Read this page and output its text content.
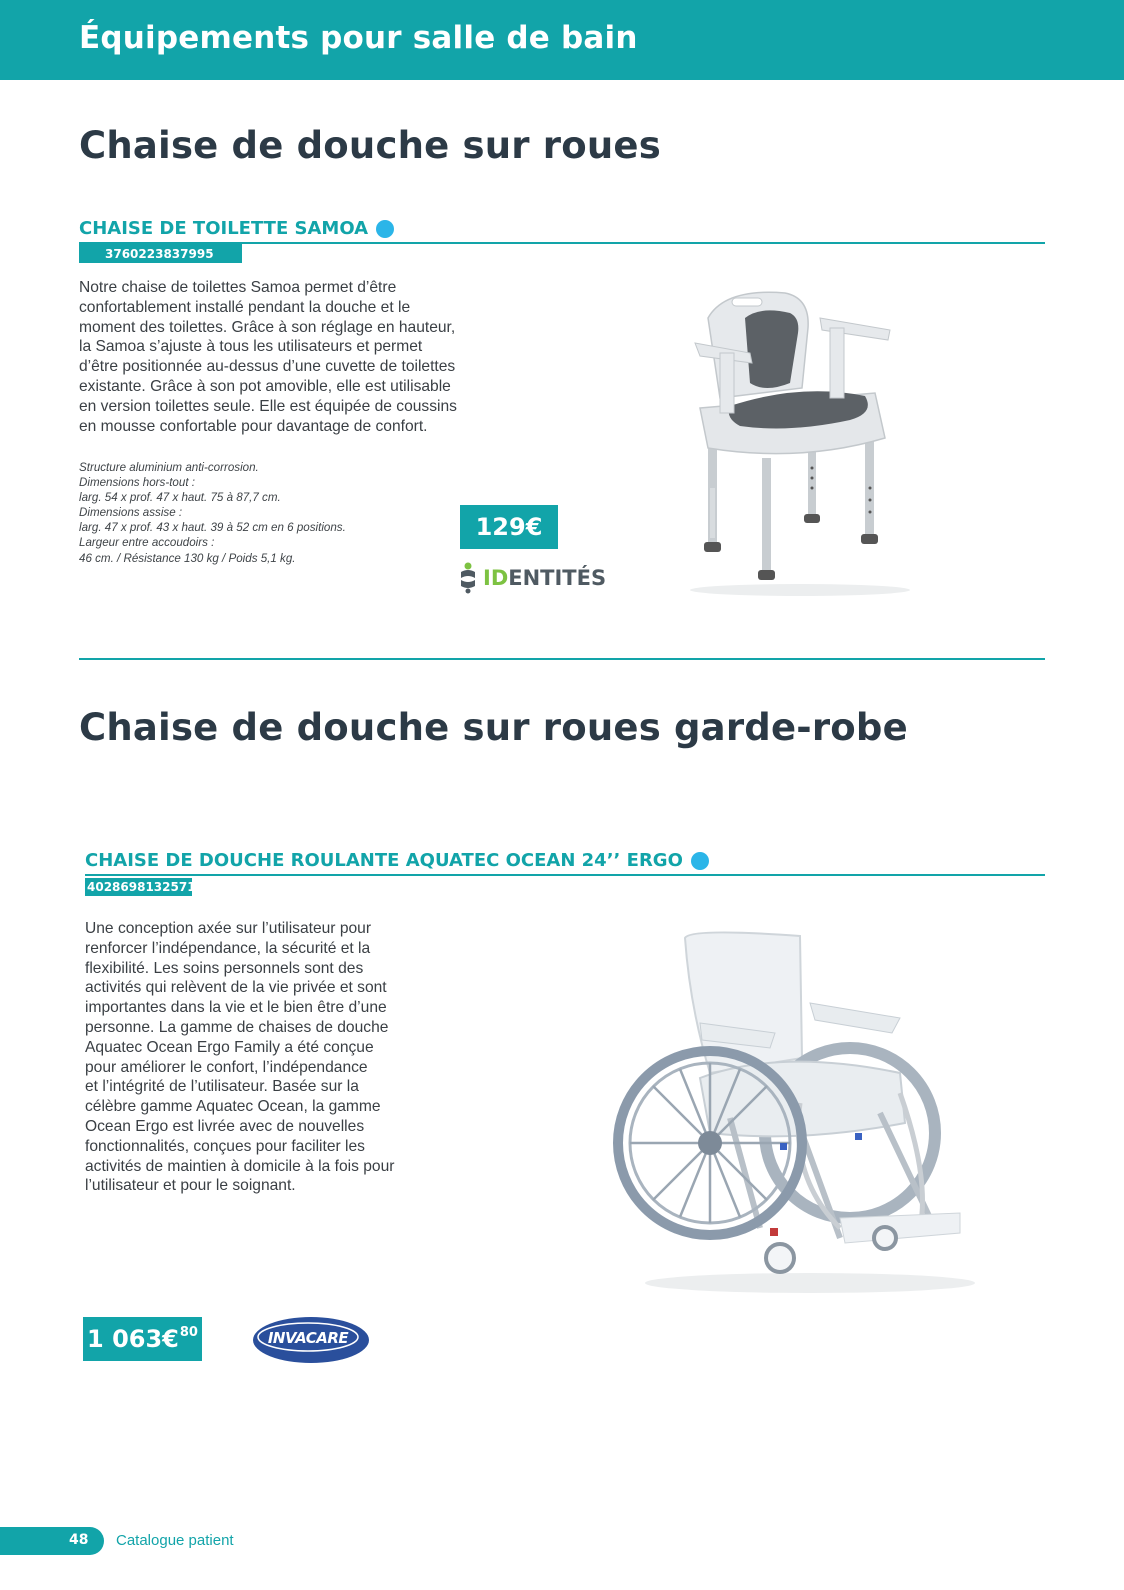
Équipements pour salle de bain
Chaise de douche sur roues
CHAISE DE TOILETTE SAMOA
3760223837995
Notre chaise de toilettes Samoa permet d’être
confortablement installé pendant la douche et le
moment des toilettes. Grâce à son réglage en hauteur,
la Samoa s’ajuste à tous les utilisateurs et permet
d’être positionnée au-dessus d’une cuvette de toilettes
existante. Grâce à son pot amovible, elle est utilisable
en version toilettes seule. Elle est équipée de coussins
en mousse confortable pour davantage de confort.
Structure aluminium anti-corrosion.
Dimensions hors-tout :
larg. 54 x prof. 47 x haut. 75 à 87,7 cm.
Dimensions assise :
larg. 47 x prof. 43 x haut. 39 à 52 cm en 6 positions.
Largeur entre accoudoirs :
46 cm. / Résistance 130 kg / Poids 5,1 kg.
129€
ID ENTITÉS
Chaise de douche sur roues garde-robe
CHAISE DE DOUCHE ROULANTE AQUATEC OCEAN 24’’ ERGO
4028698132571
Une conception axée sur l’utilisateur pour
renforcer l’indépendance, la sécurité et la
flexibilité. Les soins personnels sont des
activités qui relèvent de la vie privée et sont
importantes dans la vie et le bien être d’une
personne. La gamme de chaises de douche
Aquatec Ocean Ergo Family a été conçue
pour améliorer le confort, l’indépendance
et l’intégrité de l’utilisateur. Basée sur la
célèbre gamme Aquatec Ocean, la gamme
Ocean Ergo est livrée avec de nouvelles
fonctionnalités, conçues pour faciliter les
activités de maintien à domicile à la fois pour
l’utilisateur et pour le soignant.
1 063€$^{80}$	INVACARE
48 Catalogue patient
